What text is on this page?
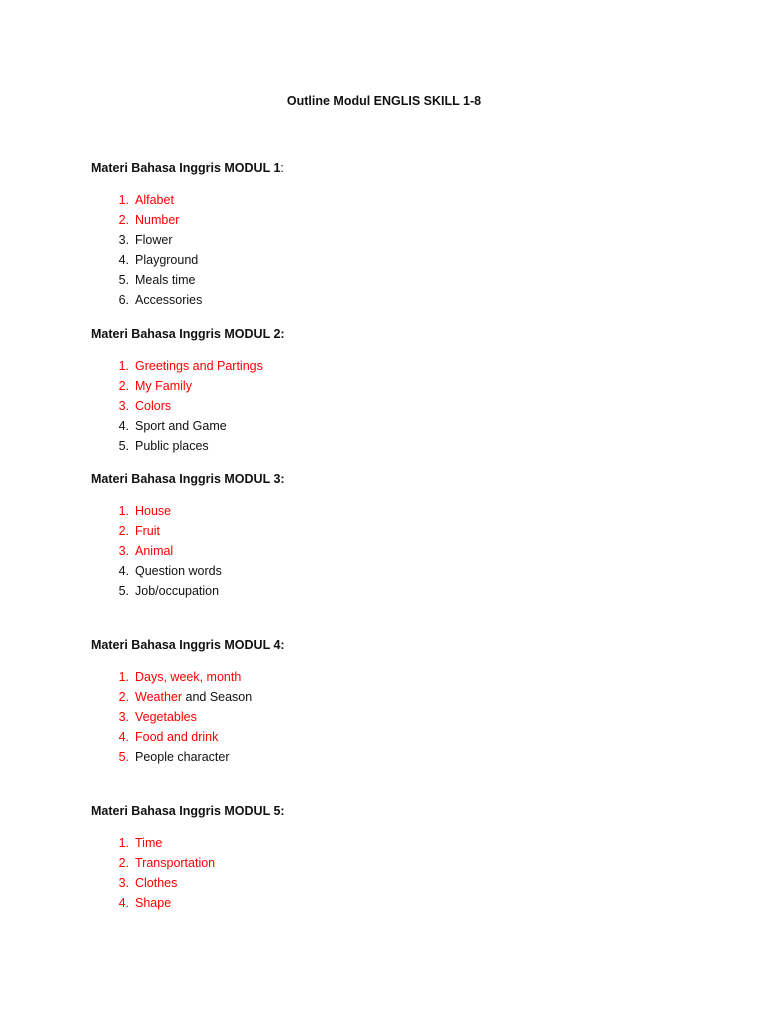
Outline Modul ENGLIS SKILL 1-8
Materi Bahasa Inggris MODUL 1:
1. Alfabet
2. Number
3. Flower
4. Playground
5. Meals time
6. Accessories
Materi Bahasa Inggris MODUL 2:
1. Greetings and Partings
2. My Family
3. Colors
4. Sport and Game
5. Public places
Materi Bahasa Inggris MODUL 3:
1. House
2. Fruit
3. Animal
4. Question words
5. Job/occupation
Materi Bahasa Inggris MODUL 4:
1. Days, week, month
2. Weather and Season
3. Vegetables
4. Food and drink
5. People character
Materi Bahasa Inggris MODUL 5:
1. Time
2. Transportation
3. Clothes
4. Shape
